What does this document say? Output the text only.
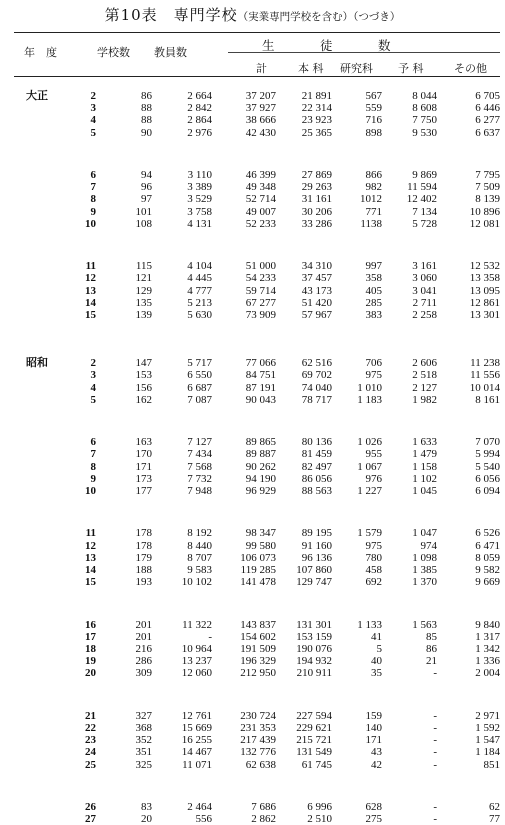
第10表　専門学校（実業専門学校を含む）（つづき）
年　度	学校数 教員数	生　　　徒　　　数
計	本 科 研究科 予 科	その他
大正	2	86	2 664	37 207	21 891	567	8 044	6 705
	3	88	2 842	37 927	22 314	559	8 608	6 446
	4	88	2 864	38 666	23 923	716	7 750	6 277
	5	90	2 976	42 430	25 365	898	9 530	6 637

	6	94	3 110	46 399	27 869	866	9 869	7 795
	7	96	3 389	49 348	29 263	982	11 594	7 509
	8	97	3 529	52 714	31 161	1012	12 402	8 139
	9	101	3 758	49 007	30 206	771	7 134	10 896
	10	108	4 131	52 233	33 286	1138	5 728	12 081

	11	115	4 104	51 000	34 310	997	3 161	12 532
	12	121	4 445	54 233	37 457	358	3 060	13 358
	13	129	4 777	59 714	43 173	405	3 041	13 095
	14	135	5 213	67 277	51 420	285	2 711	12 861
	15	139	5 630	73 909	57 967	383	2 258	13 301

昭和	2	147	5 717	77 066	62 516	706	2 606	11 238
	3	153	6 550	84 751	69 702	975	2 518	11 556
	4	156	6 687	87 191	74 040	1 010	2 127	10 014
	5	162	7 087	90 043	78 717	1 183	1 982	8 161

	6	163	7 127	89 865	80 136	1 026	1 633	7 070
	7	170	7 434	89 887	81 459	955	1 479	5 994
	8	171	7 568	90 262	82 497	1 067	1 158	5 540
	9	173	7 732	94 190	86 056	976	1 102	6 056
	10	177	7 948	96 929	88 563	1 227	1 045	6 094

	11	178	8 192	98 347	89 195	1 579	1 047	6 526
	12	178	8 440	99 580	91 160	975	974	6 471
	13	179	8 707	106 073	96 136	780	1 098	8 059
	14	188	9 583	119 285	107 860	458	1 385	9 582
	15	193	10 102	141 478	129 747	692	1 370	9 669

	16	201	11 322	143 837	131 301	1 133	1 563	9 840
	17	201	-	154 602	153 159	41	85	1 317
	18	216	10 964	191 509	190 076	5	86	1 342
	19	286	13 237	196 329	194 932	40	21	1 336
	20	309	12 060	212 950	210 911	35	-	2 004

	21	327	12 761	230 724	227 594	159	-	2 971
	22	368	15 669	231 353	229 621	140	-	1 592
	23	352	16 255	217 439	215 721	171	-	1 547
	24	351	14 467	132 776	131 549	43	-	1 184
	25	325	11 071	62 638	61 745	42	-	851

	26	83	2 464	7 686	6 996	628	-	62
	27	20	556	2 862	2 510	275	-	77
